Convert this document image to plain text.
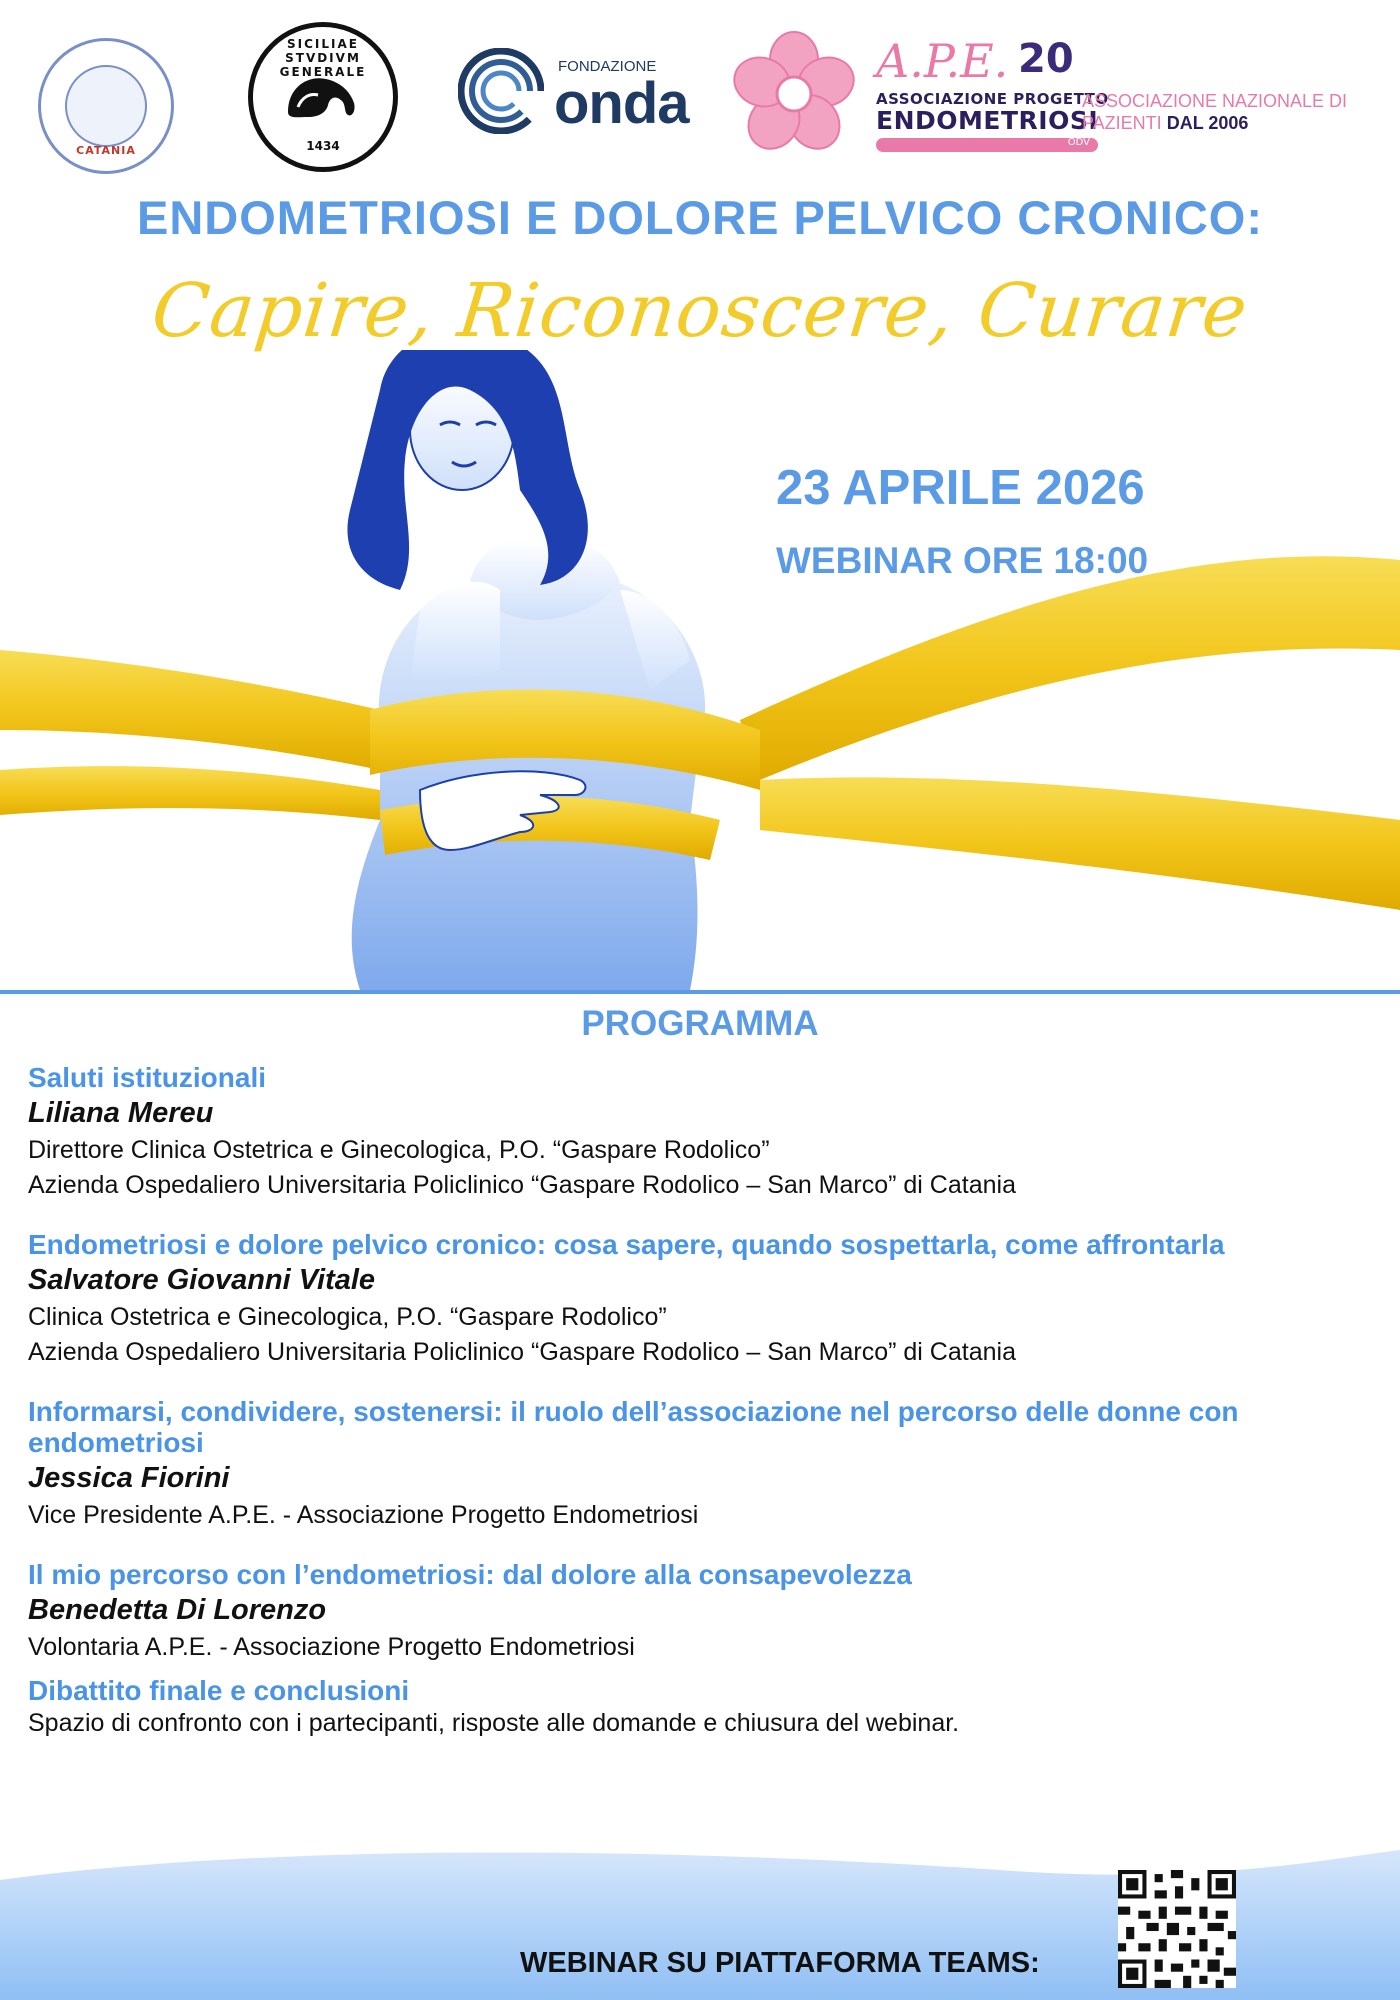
CATANIA
SICILIAE STVDIVM GENERALE
1434
FONDAZIONE
onda
A.P.E. 20
ASSOCIAZIONE PROGETTO
ENDOMETRIOSI
ODV
ASSOCIAZIONE NAZIONALE DI
PAZIENTI DAL 2006
ENDOMETRIOSI E DOLORE PELVICO CRONICO:
Capire, Riconoscere, Curare
23 APRILE 2026
WEBINAR ORE 18:00
PROGRAMMA
Saluti istituzionali
Liliana Mereu
Direttore Clinica Ostetrica e Ginecologica, P.O. “Gaspare Rodolico”
Azienda Ospedaliero Universitaria Policlinico “Gaspare Rodolico – San Marco” di Catania
Endometriosi e dolore pelvico cronico: cosa sapere, quando sospettarla, come affrontarla
Salvatore Giovanni Vitale
Clinica Ostetrica e Ginecologica, P.O. “Gaspare Rodolico”
Azienda Ospedaliero Universitaria Policlinico “Gaspare Rodolico – San Marco” di Catania
Informarsi, condividere, sostenersi: il ruolo dell’associazione nel percorso delle donne con endometriosi
Jessica Fiorini
Vice Presidente A.P.E. - Associazione Progetto Endometriosi
Il mio percorso con l’endometriosi: dal dolore alla consapevolezza
Benedetta Di Lorenzo
Volontaria A.P.E. - Associazione Progetto Endometriosi
Dibattito finale e conclusioni
Spazio di confronto con i partecipanti, risposte alle domande e chiusura del webinar.
WEBINAR SU PIATTAFORMA TEAMS:
